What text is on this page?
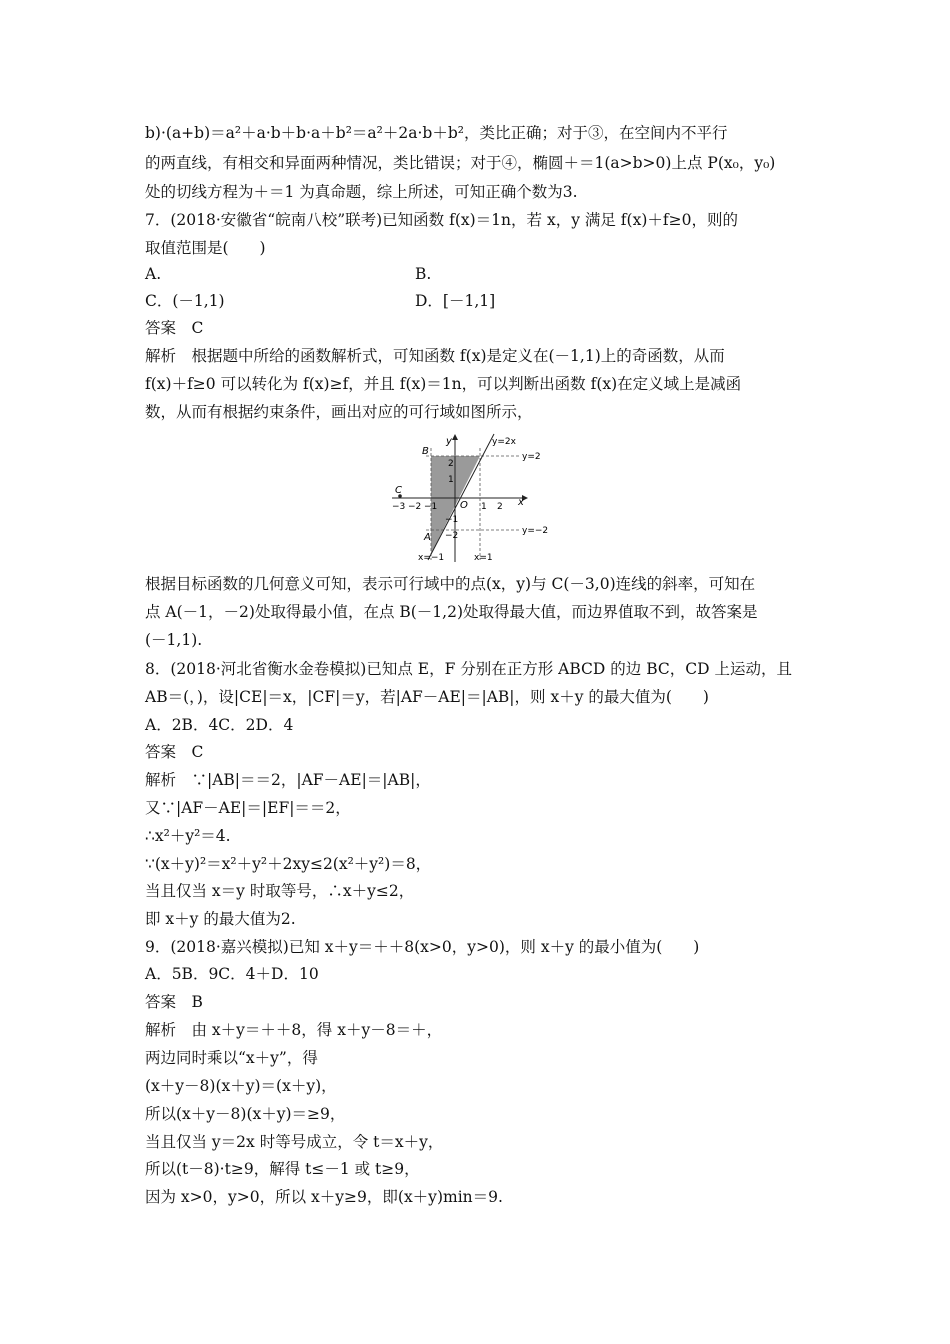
b)·(a+b)＝a²＋a·b＋b·a＋b²＝a²＋2a·b＋b²，类比正确；对于③，在空间内不平行
的两直线，有相交和异面两种情况，类比错误；对于④，椭圆＋＝1(a>b>0)上点 P(x₀，y₀)
处的切线方程为＋＝1 为真命题，综上所述，可知正确个数为3.
7．(2018·安徽省“皖南八校”联考)已知函数 f(x)＝1n，若 x，y 满足 f(x)＋f≥0，则的
取值范围是(　　)
A.	B.
C．(－1,1)	D．[－1,1]
答案　C
解析　根据题中所给的函数解析式，可知函数 f(x)是定义在(－1,1)上的奇函数，从而
f(x)＋f≥0 可以转化为 f(x)≥f，并且 f(x)＝1n，可以判断出函数 f(x)在定义域上是减函
数，从而有根据约束条件，画出对应的可行域如图所示，
y=2x
y=2
y=−2
x=−1	x=1
B
A
C
O	x
y
−3 −2 −1	1 2
2
1
−1
−2
根据目标函数的几何意义可知，表示可行域中的点(x，y)与 C(－3,0)连线的斜率，可知在
点 A(－1，－2)处取得最小值，在点 B(－1,2)处取得最大值，而边界值取不到，故答案是
(－1,1).
8．(2018·河北省衡水金卷模拟)已知点 E，F 分别在正方形 ABCD 的边 BC，CD 上运动，且
AB＝(，)，设|CE|＝x，|CF|＝y，若|AF－AE|＝|AB|，则 x＋y 的最大值为(　　)
A．2B．4C．2D．4
答案　C
解析　∵|AB|＝＝2，|AF－AE|＝|AB|，
又∵|AF－AE|＝|EF|＝＝2，
∴x²＋y²＝4.
∵(x＋y)²＝x²＋y²＋2xy≤2(x²＋y²)＝8，
当且仅当 x＝y 时取等号，∴x＋y≤2，
即 x＋y 的最大值为2.
9．(2018·嘉兴模拟)已知 x＋y＝＋＋8(x>0，y>0)，则 x＋y 的最小值为(　　)
A．5B．9C．4＋D．10
答案　B
解析　由 x＋y＝＋＋8，得 x＋y－8＝＋，
两边同时乘以“x＋y”，得
(x＋y－8)(x＋y)＝(x＋y)，
所以(x＋y－8)(x＋y)＝≥9，
当且仅当 y＝2x 时等号成立，令 t＝x＋y，
所以(t－8)·t≥9，解得 t≤－1 或 t≥9，
因为 x>0，y>0，所以 x＋y≥9，即(x＋y)min＝9.
